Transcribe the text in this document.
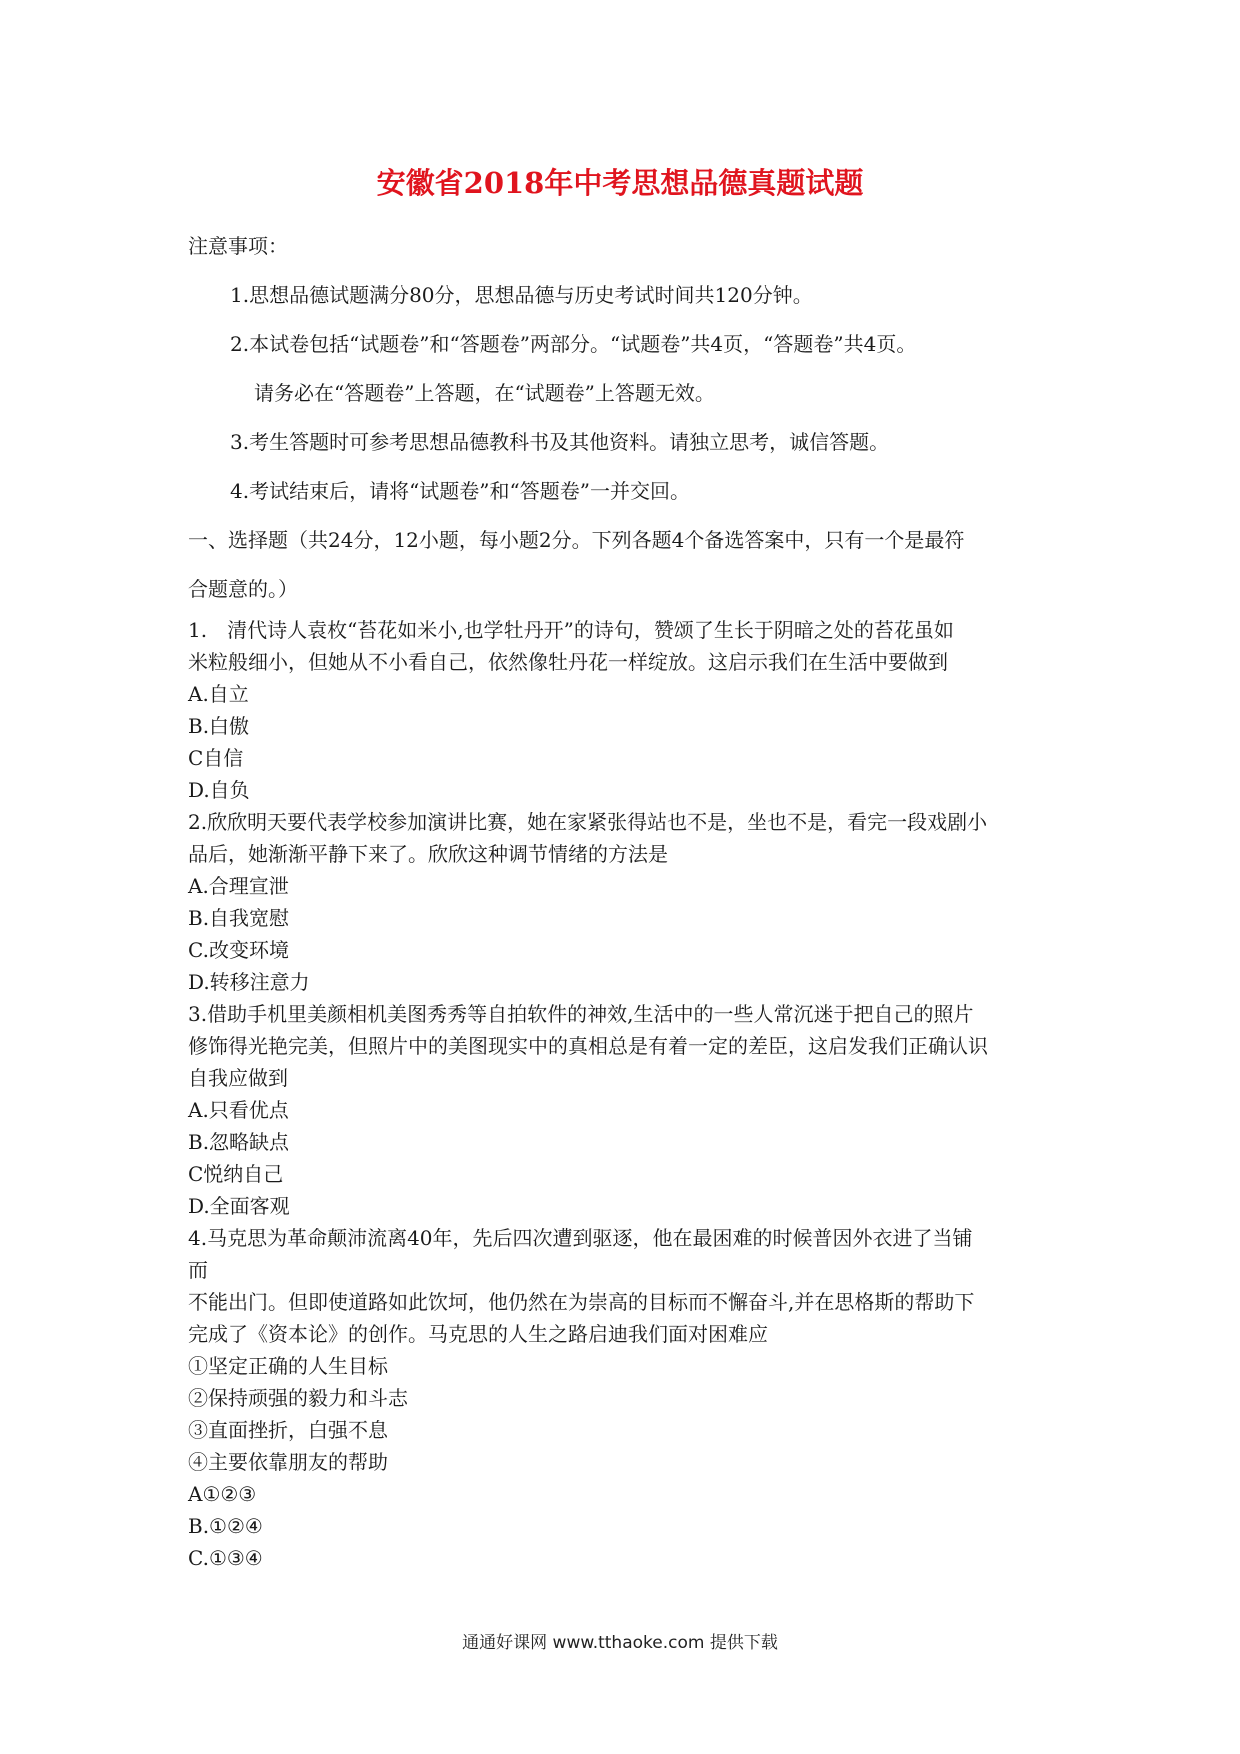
安徽省2018年中考思想品德真题试题

注意事项：

1.思想品德试题满分80分，思想品德与历史考试时间共120分钟。

2.本试卷包括“试题卷”和“答题卷”两部分。“试题卷”共4页，“答题卷”共4页。

请务必在“答题卷”上答题，在“试题卷”上答题无效。

3.考生答题时可参考思想品德教科书及其他资料。请独立思考，诚信答题。

4.考试结束后，请将“试题卷”和“答题卷”一并交回。

一、选择题（共24分，12小题，每小题2分。下列各题4个备选答案中，只有一个是最符

合题意的。）

1.　清代诗人袁枚“苔花如米小,也学牡丹开”的诗句，赞颂了生长于阴暗之处的苔花虽如

米粒般细小，但她从不小看自己，依然像牡丹花一样绽放。这启示我们在生活中要做到

A.自立

B.白傲

C自信

D.自负

2.欣欣明天要代表学校参加演讲比赛，她在家紧张得站也不是，坐也不是，看完一段戏剧小

品后，她渐渐平静下来了。欣欣这种调节情绪的方法是

A.合理宣泄

B.自我宽慰

C.改变环境

D.转移注意力

3.借助手机里美颜相机美图秀秀等自拍软件的神效,生活中的一些人常沉迷于把自己的照片

修饰得光艳完美，但照片中的美图现实中的真相总是有着一定的差臣，这启发我们正确认识

自我应做到

A.只看优点

B.忽略缺点

C悦纳自己

D.全面客观

4.马克思为革命颠沛流离40年，先后四次遭到驱逐，他在最困难的时候普因外衣进了当铺

而

不能出门。但即使道路如此饮坷，他仍然在为崇高的目标而不懈奋斗,并在思格斯的帮助下

完成了《资本论》的创作。马克思的人生之路启迪我们面对困难应

①坚定正确的人生目标

②保持顽强的毅力和斗志

③直面挫折，白强不息

④主要依靠朋友的帮助

A①②③

B.①②④

C.①③④

通通好课网 www.tthaoke.com 提供下载
